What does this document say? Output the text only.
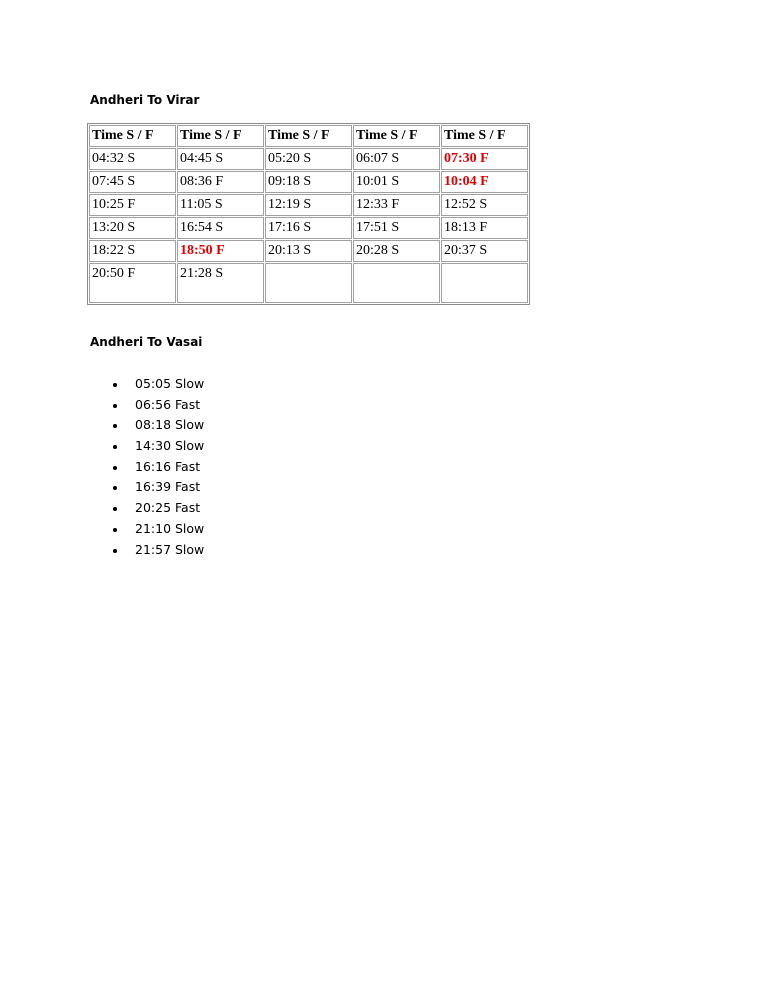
Andheri To Virar
Time S / F	Time S / F	Time S / F	Time S / F	Time S / F
04:32 S	04:45 S	05:20 S	06:07 S	07:30 F
07:45 S	08:36 F	09:18 S	10:01 S	10:04 F
10:25 F	11:05 S	12:19 S	12:33 F	12:52 S
13:20 S	16:54 S	17:16 S	17:51 S	18:13 F
18:22 S	18:50 F	20:13 S	20:28 S	20:37 S
20:50 F	21:28 S			
Andheri To Vasai
05:05 Slow
06:56 Fast
08:18 Slow
14:30 Slow
16:16 Fast
16:39 Fast
20:25 Fast
21:10 Slow
21:57 Slow
